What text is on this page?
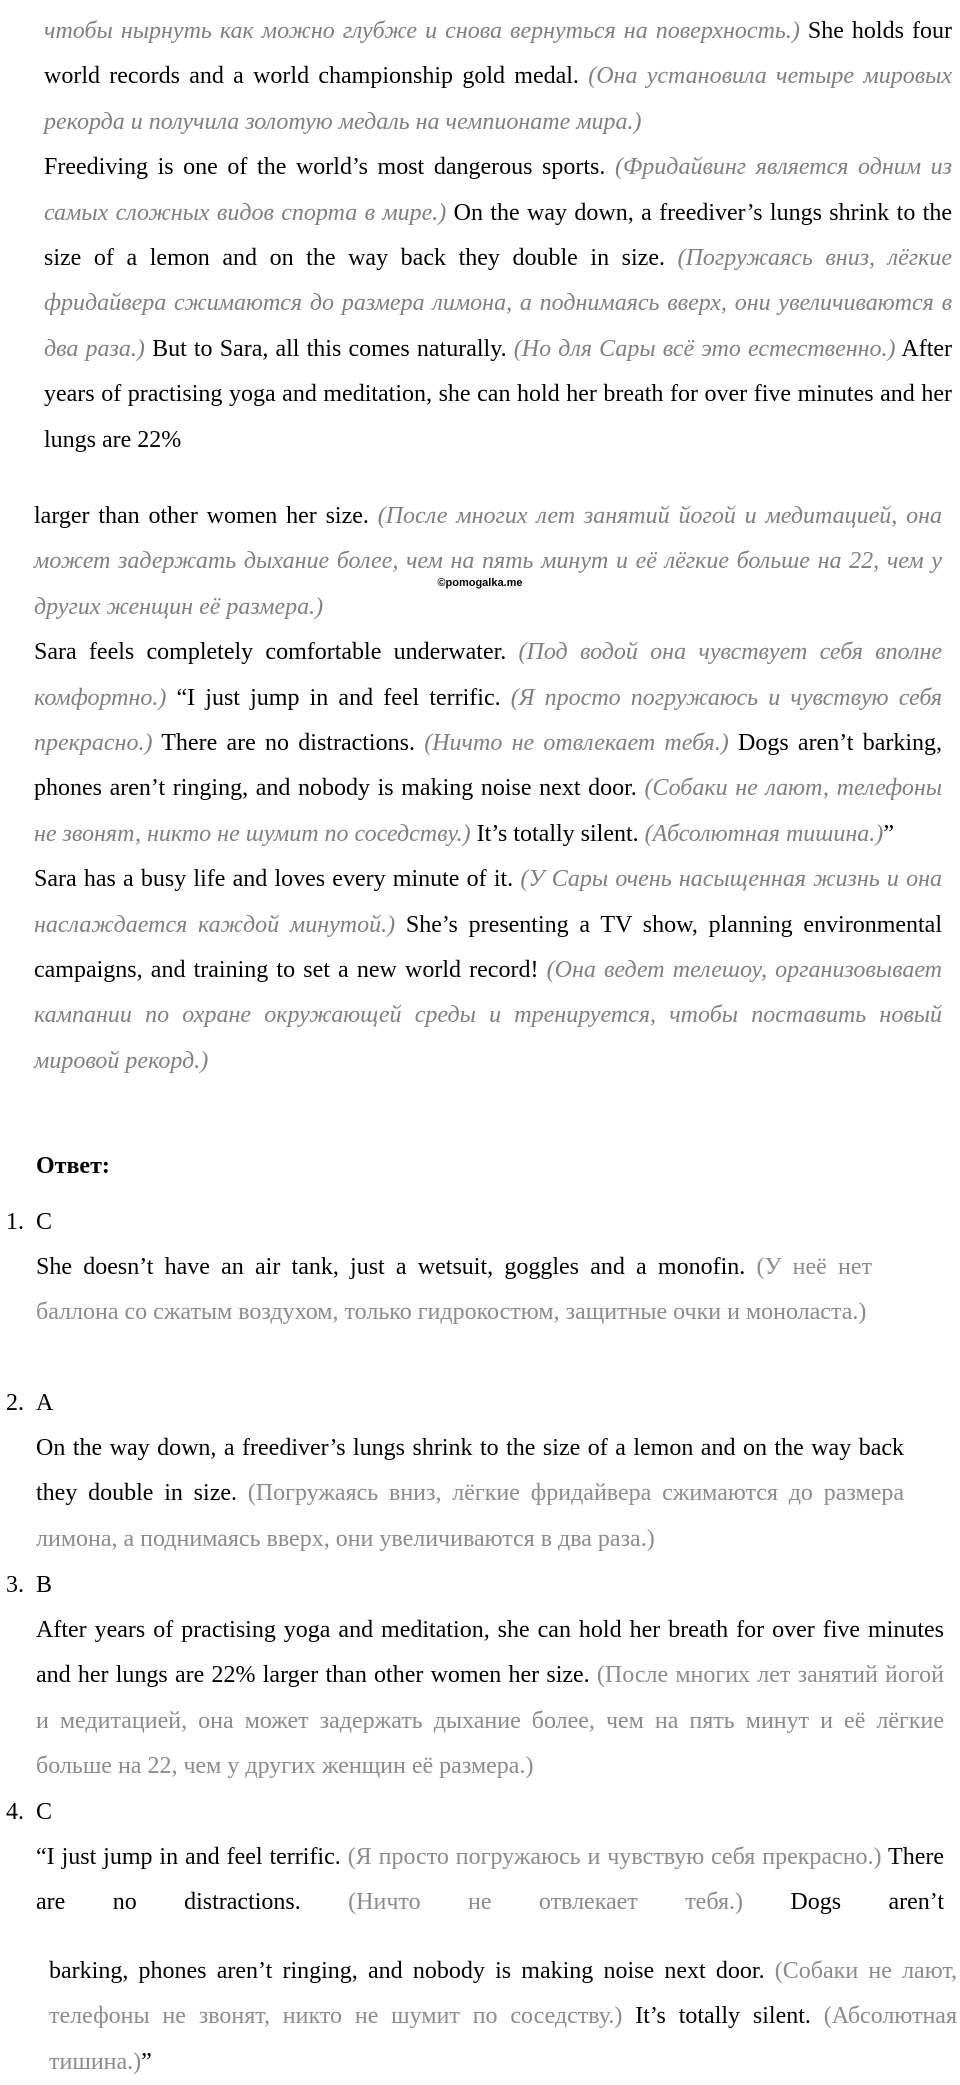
чтобы нырнуть как можно глубже и снова вернуться на поверхность.) She holds four world records and a world championship gold medal. (Она установила четыре мировых рекорда и получила золотую медаль на чемпионате мира.)

Freediving is one of the world’s most dangerous sports. (Фридайвинг является одним из самых сложных видов спорта в мире.) On the way down, a freediver’s lungs shrink to the size of a lemon and on the way back they double in size. (Погружаясь вниз, лёгкие фридайвера сжимаются до размера лимона, а поднимаясь вверх, они увеличиваются в два раза.) But to Sara, all this comes naturally. (Но для Сары всё это естественно.) After years of practising yoga and meditation, she can hold her breath for over five minutes and her lungs are 22%

larger than other women her size. (После многих лет занятий йогой и медитацией, она может задержать дыхание более, чем на пять минут и её лёгкие больше на 22, чем у других женщин её размера.)

Sara feels completely comfortable underwater. (Под водой она чувствует себя вполне комфортно.) “I just jump in and feel terrific. (Я просто погружаюсь и чувствую себя прекрасно.) There are no distractions. (Ничто не отвлекает тебя.) Dogs aren’t barking, phones aren’t ringing, and nobody is making noise next door. (Собаки не лают, телефоны не звонят, никто не шумит по соседству.) It’s totally silent. (Абсолютная тишина.)”

Sara has a busy life and loves every minute of it. (У Сары очень насыщенная жизнь и она наслаждается каждой минутой.) She’s presenting a TV show, planning environmental campaigns, and training to set a new world record! (Она ведет телешоу, организовывает кампании по охране окружающей среды и тренируется, чтобы поставить новый мировой рекорд.)

©pomogalka.me
Ответ:
1. C
She doesn’t have an air tank, just a wetsuit, goggles and a monofin. (У неё нет баллона со сжатым воздухом, только гидрокостюм, защитные очки и моноласта.)
2. A
On the way down, a freediver’s lungs shrink to the size of a lemon and on the way back they double in size. (Погружаясь вниз, лёгкие фридайвера сжимаются до размера лимона, а поднимаясь вверх, они увеличиваются в два раза.)
3. B
After years of practising yoga and meditation, she can hold her breath for over five minutes and her lungs are 22% larger than other women her size. (После многих лет занятий йогой и медитацией, она может задержать дыхание более, чем на пять минут и её лёгкие больше на 22, чем у других женщин её размера.)
4. C

“I just jump in and feel terrific. (Я просто погружаюсь и чувствую себя прекрасно.) There are no distractions. (Ничто не отвлекает тебя.) Dogs aren’t

barking, phones aren’t ringing, and nobody is making noise next door. (Собаки не лают, телефоны не звонят, никто не шумит по соседству.) It’s totally silent. (Абсолютная тишина.)”
